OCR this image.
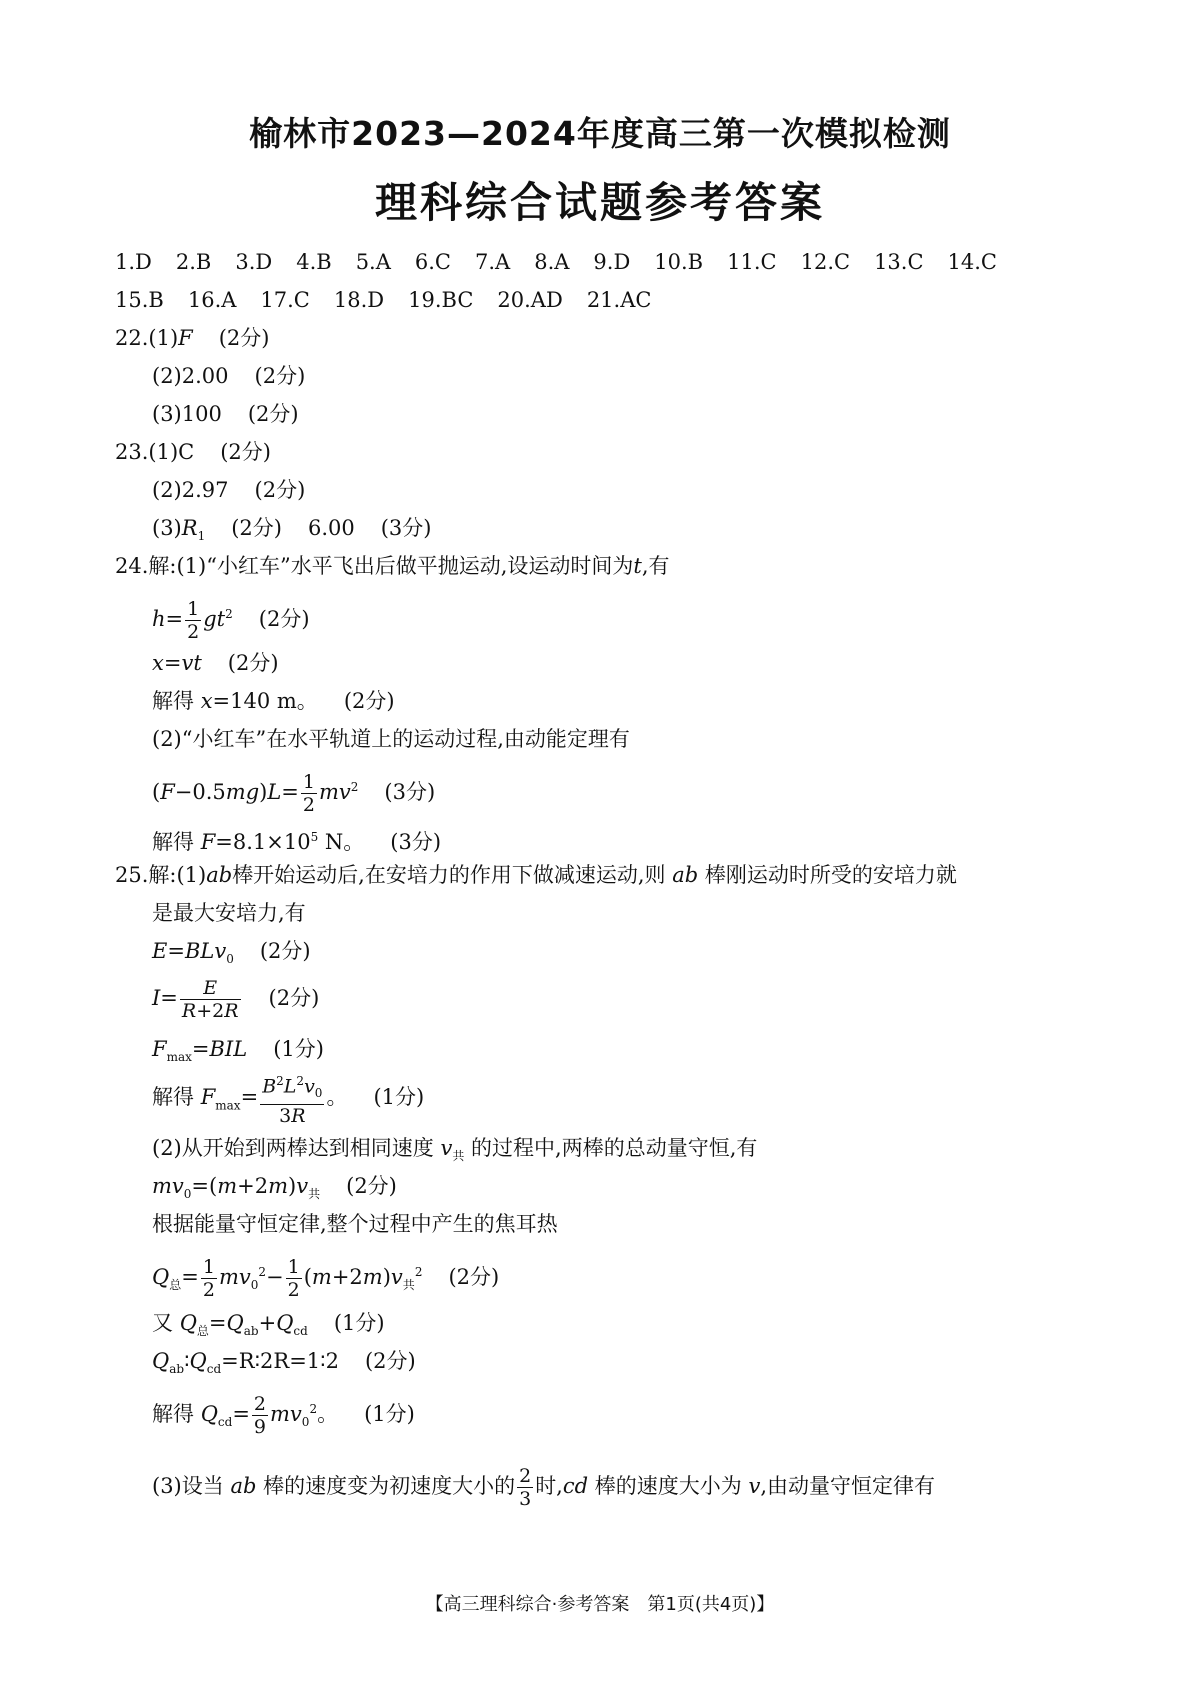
榆林市2023—2024年度高三第一次模拟检测
理科综合试题参考答案
1.D 2.B 3.D 4.B 5.A 6.C 7.A 8.A 9.D 10.B 11.C 12.C 13.C 14.C
15.B 16.A 17.C 18.D 19.BC 20.AD 21.AC
22.(1)F (2分)
(2)2.00 (2分)
(3)100 (2分)
23.(1)C (2分)
(2)2.97 (2分)
$(3)R_1$ (2分) 6.00 (3分)
24.解:(1)“小红车”水平飞出后做平抛运动,设运动时间为t,有
$h= \frac{1}{2} gt^2$ (2分)
x=vt (2分)
解得 x=140 m。 (2分)
(2)“小红车”在水平轨道上的运动过程,由动能定理有
$(F-0.5mg)L= \frac{1}{2} mv^2$ (3分)
解得 $F=8.1\times 10^5$ N。 (3分)
25.解:(1)ab棒开始运动后,在安培力的作用下做减速运动,则 ab 棒刚运动时所受的安培力就
是最大安培力,有
E=BLv$_0$ (2分)
$I= \frac{E}{R+2R} (2$分)
$F_{max}=BIL$ (1分)
解得 $F_{max}= \frac{B^2L^2v_0}{3R}$ 。 (1分)
(2)从开始到两棒达到相同速度 $v_共$ 的过程中,两棒的总动量守恒,有
$mv_0=(m+2m)v_共$ (2分)
根据能量守恒定律,整个过程中产生的焦耳热
$Q_总= \frac{1}{2} mv_0^2- \frac{1}{2} (m+2m)v_共^2$ (2分)
又 $Q_总=Q_{ab}+Q_{cd}$ (1分)
$Q_{ab}∶Q_{cd}=R∶2R=1∶2$ (2分)
解得 $Q_{cd}= \frac{2}{9} mv_0^2$。 (1分)
(3)设当 ab 棒的速度变为初速度大小的 $\frac{2}{3}$ 时,cd 棒的速度大小为 v,由动量守恒定律有
【高三理科综合·参考答案　第1页(共4页)】
